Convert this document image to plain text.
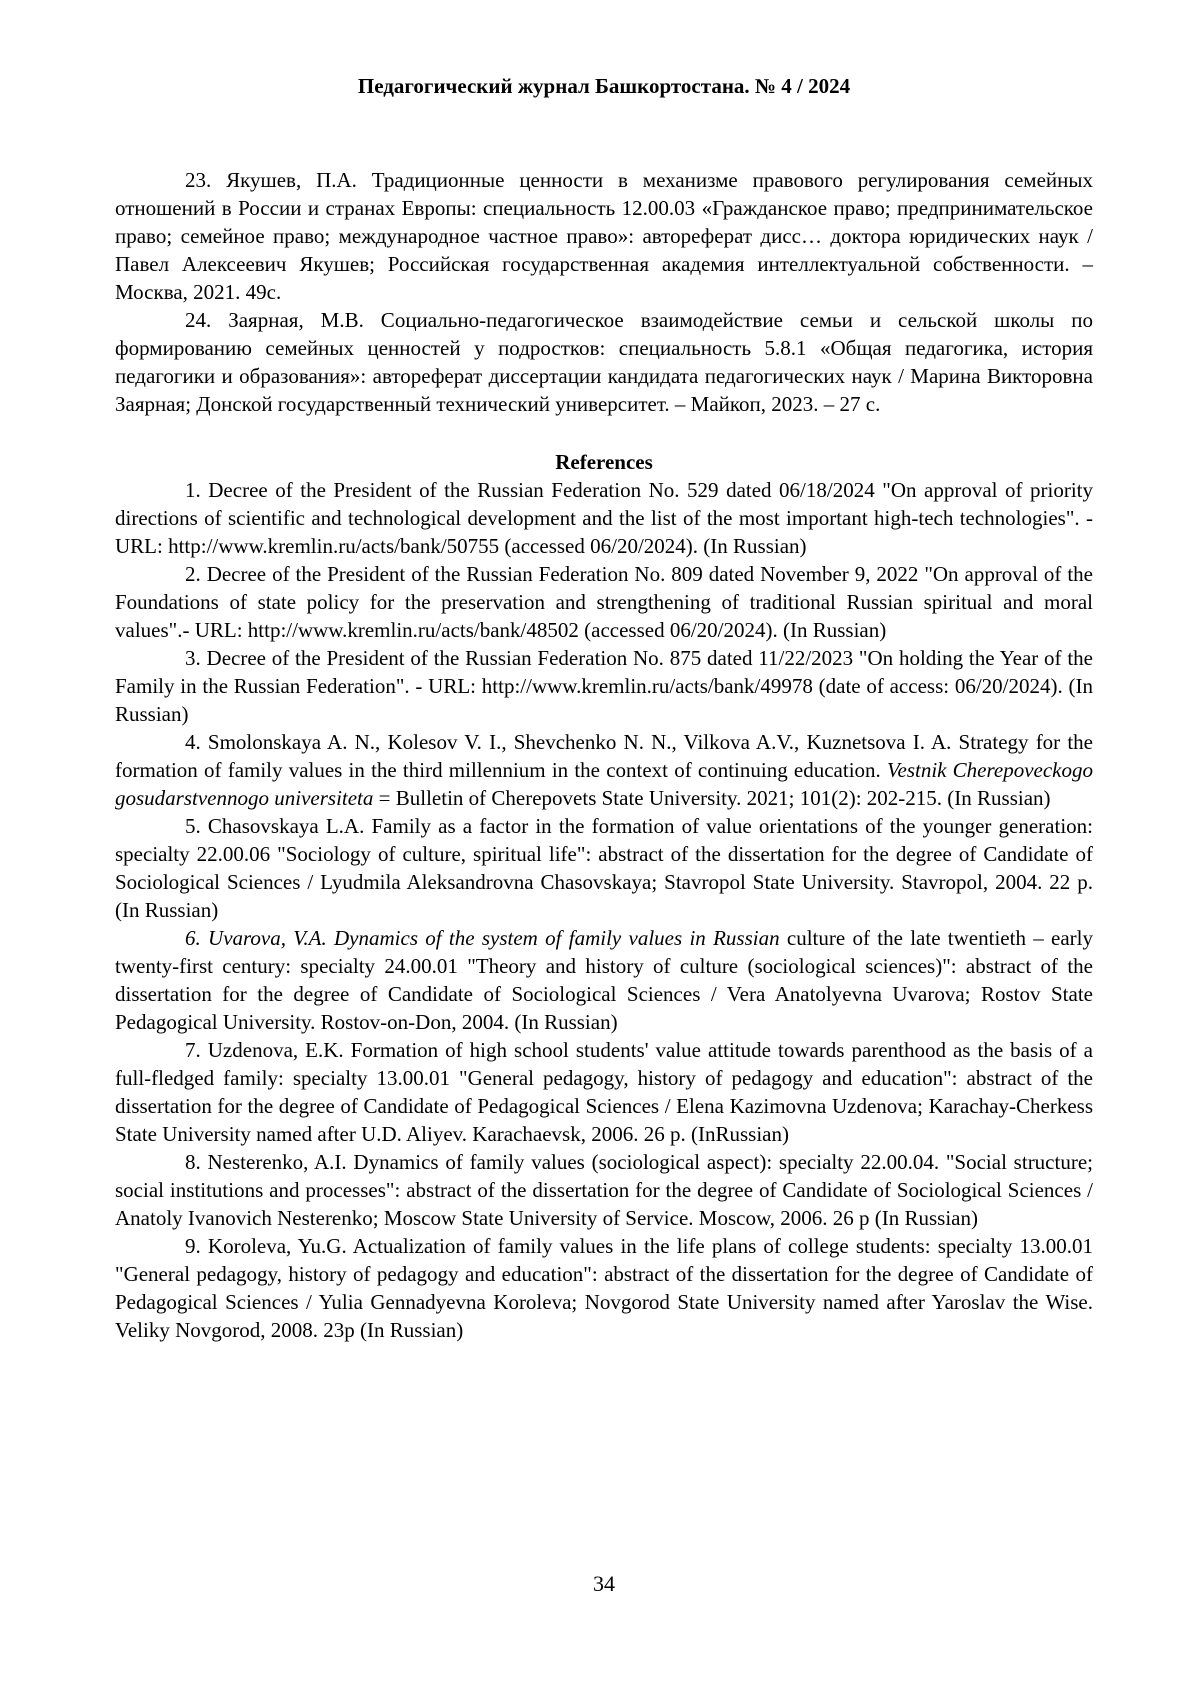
Педагогический журнал Башкортостана. № 4 / 2024

23. Якушев, П.А. Традиционные ценности в механизме правового регулирования семейных отношений в России и странах Европы: специальность 12.00.03 «Гражданское право; предпринимательское право; семейное право; международное частное право»: автореферат дисс… доктора юридических наук / Павел Алексеевич Якушев; Российская государственная академия интеллектуальной собственности. – Москва, 2021. 49с.

24. Заярная, М.В. Социально-педагогическое взаимодействие семьи и сельской школы по формированию семейных ценностей у подростков: специальность 5.8.1 «Общая педагогика, история педагогики и образования»: автореферат диссертации кандидата педагогических наук / Марина Викторовна Заярная; Донской государственный технический университет. – Майкоп, 2023. – 27 с.

References

1. Decree of the President of the Russian Federation No. 529 dated 06/18/2024 "On approval of priority directions of scientific and technological development and the list of the most important high-tech technologies". - URL: http://www.kremlin.ru/acts/bank/50755 (accessed 06/20/2024). (In Russian)

2. Decree of the President of the Russian Federation No. 809 dated November 9, 2022 "On approval of the Foundations of state policy for the preservation and strengthening of traditional Russian spiritual and moral values".- URL: http://www.kremlin.ru/acts/bank/48502 (accessed 06/20/2024). (In Russian)

3. Decree of the President of the Russian Federation No. 875 dated 11/22/2023 "On holding the Year of the Family in the Russian Federation". - URL: http://www.kremlin.ru/acts/bank/49978 (date of access: 06/20/2024). (In Russian)

4. Smolonskaya A. N., Kolesov V. I., Shevchenko N. N., Vilkova A.V., Kuznetsova I. A. Strategy for the formation of family values in the third millennium in the context of continuing education. Vestnik Cherepoveckogo gosudarstvennogo universiteta = Bulletin of Cherepovets State University. 2021; 101(2): 202-215. (In Russian)

5. Chasovskaya L.A. Family as a factor in the formation of value orientations of the younger generation: specialty 22.00.06 "Sociology of culture, spiritual life": abstract of the dissertation for the degree of Candidate of Sociological Sciences / Lyudmila Aleksandrovna Chasovskaya; Stavropol State University. Stavropol, 2004. 22 p. (In Russian)

6. Uvarova, V.A. Dynamics of the system of family values in Russian culture of the late twentieth – early twenty-first century: specialty 24.00.01 "Theory and history of culture (sociological sciences)": abstract of the dissertation for the degree of Candidate of Sociological Sciences / Vera Anatolyevna Uvarova; Rostov State Pedagogical University. Rostov-on-Don, 2004. (In Russian)

7. Uzdenova, E.K. Formation of high school students' value attitude towards parenthood as the basis of a full-fledged family: specialty 13.00.01 "General pedagogy, history of pedagogy and education": abstract of the dissertation for the degree of Candidate of Pedagogical Sciences / Elena Kazimovna Uzdenova; Karachay-Cherkess State University named after U.D. Aliyev. Karachaevsk, 2006. 26 p. (InRussian)

8. Nesterenko, A.I. Dynamics of family values (sociological aspect): specialty 22.00.04. "Social structure; social institutions and processes": abstract of the dissertation for the degree of Candidate of Sociological Sciences / Anatoly Ivanovich Nesterenko; Moscow State University of Service. Moscow, 2006. 26 p (In Russian)

9. Koroleva, Yu.G. Actualization of family values in the life plans of college students: specialty 13.00.01 "General pedagogy, history of pedagogy and education": abstract of the dissertation for the degree of Candidate of Pedagogical Sciences / Yulia Gennadyevna Koroleva; Novgorod State University named after Yaroslav the Wise. Veliky Novgorod, 2008. 23p (In Russian)

34
